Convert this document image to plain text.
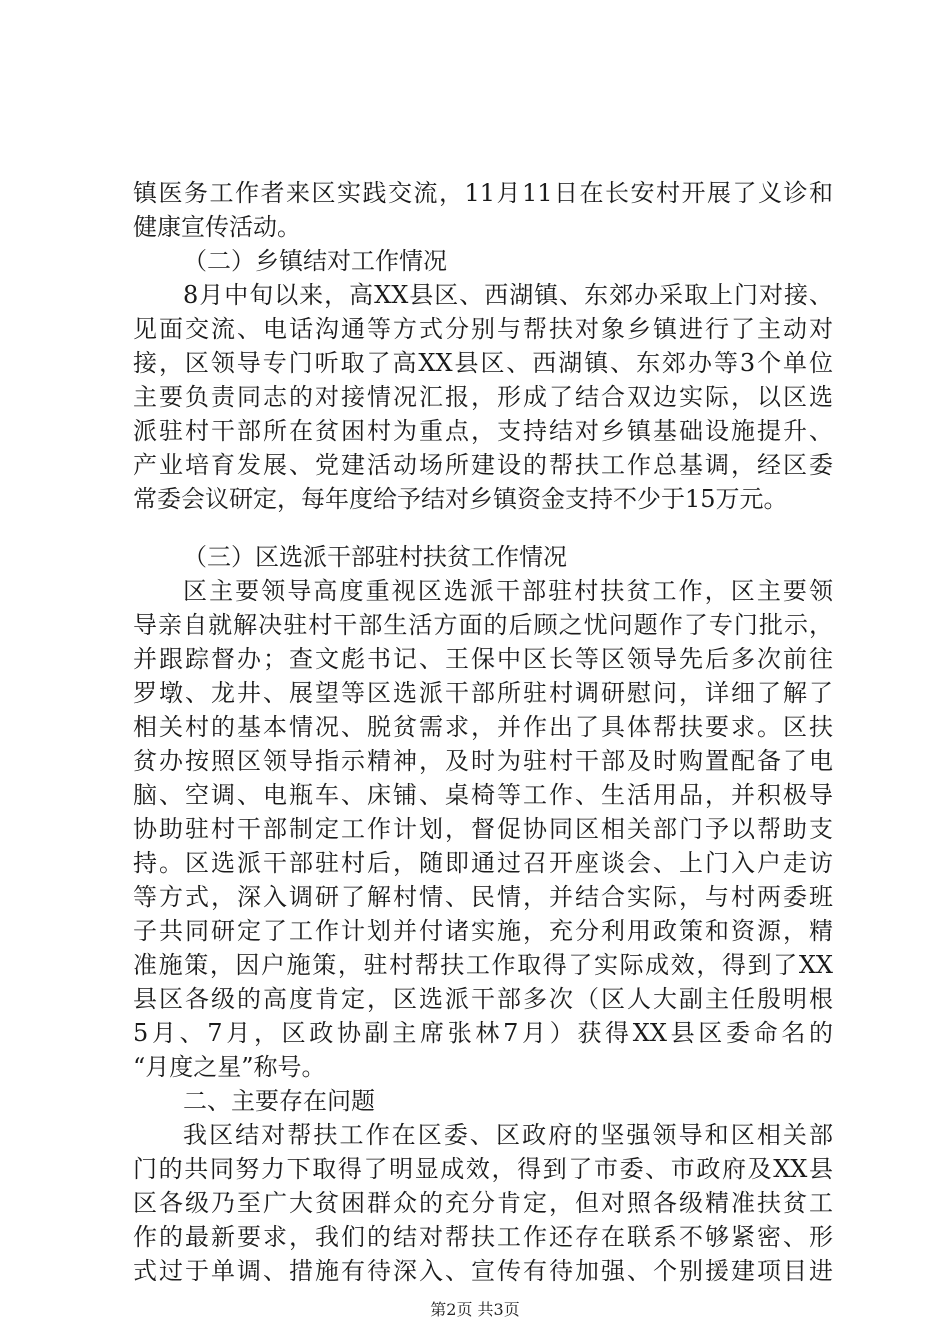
镇医务工作者来区实践交流，11月11日在长安村开展了义诊和
健康宣传活动。
（二）乡镇结对工作情况
8月中旬以来，高XX县区、西湖镇、东郊办采取上门对接、
见面交流、电话沟通等方式分别与帮扶对象乡镇进行了主动对
接，区领导专门听取了高XX县区、西湖镇、东郊办等3个单位
主要负责同志的对接情况汇报，形成了结合双边实际，以区选
派驻村干部所在贫困村为重点，支持结对乡镇基础设施提升、
产业培育发展、党建活动场所建设的帮扶工作总基调，经区委
常委会议研定，每年度给予结对乡镇资金支持不少于15万元。
（三）区选派干部驻村扶贫工作情况
区主要领导高度重视区选派干部驻村扶贫工作，区主要领
导亲自就解决驻村干部生活方面的后顾之忧问题作了专门批示，
并跟踪督办；查文彪书记、王保中区长等区领导先后多次前往
罗墩、龙井、展望等区选派干部所驻村调研慰问，详细了解了
相关村的基本情况、脱贫需求，并作出了具体帮扶要求。区扶
贫办按照区领导指示精神，及时为驻村干部及时购置配备了电
脑、空调、电瓶车、床铺、桌椅等工作、生活用品，并积极导
协助驻村干部制定工作计划，督促协同区相关部门予以帮助支
持。区选派干部驻村后，随即通过召开座谈会、上门入户走访
等方式，深入调研了解村情、民情，并结合实际，与村两委班
子共同研定了工作计划并付诸实施，充分利用政策和资源，精
准施策，因户施策，驻村帮扶工作取得了实际成效，得到了XX
县区各级的高度肯定，区选派干部多次（区人大副主任殷明根
5月、7月，区政协副主席张林7月）获得XX县区委命名的
“月度之星”称号。
二、主要存在问题
我区结对帮扶工作在区委、区政府的坚强领导和区相关部
门的共同努力下取得了明显成效，得到了市委、市政府及XX县
区各级乃至广大贫困群众的充分肯定，但对照各级精准扶贫工
作的最新要求，我们的结对帮扶工作还存在联系不够紧密、形
式过于单调、措施有待深入、宣传有待加强、个别援建项目进
第2页 共3页
